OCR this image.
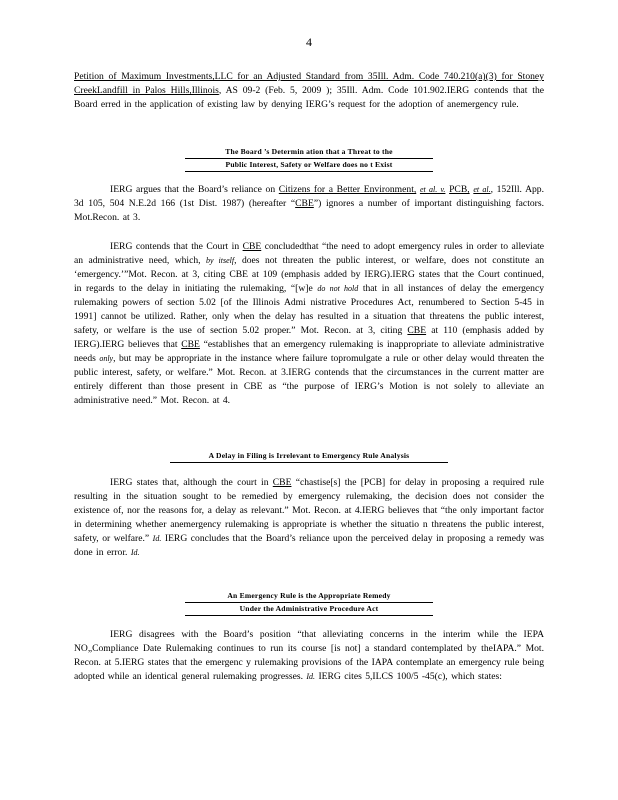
4

Petition of Maximum Investments,LLC for an Adjusted Standard from 35Ill. Adm. Code 740.210(a)(3) for Stoney CreekLandfill in Palos Hills,Illinois, AS 09-2 (Feb. 5, 2009 ); 35Ill. Adm. Code 101.902.IERG contends that the Board erred in the application of existing law by denying IERG’s request for the adoption of anemergency rule.

The Board ’s Determin ation that a Threat to the
Public Interest, Safety or Welfare does no t Exist

IERG argues that the Board’s reliance on Citizens for a Better Environment, et al. v. PCB, et al., 152Ill. App. 3d 105, 504 N.E.2d 166 (1st Dist. 1987) (hereafter “CBE”) ignores a number of important distinguishing factors. Mot.Recon. at 3.

IERG contends that the Court in CBE concludedthat “the need to adopt emergency rules in order to alleviate an administrative need, which, by itself, does not threaten the public interest, or welfare, does not constitute an ‘emergency.’”Mot. Recon. at 3, citing CBE at 109 (emphasis added by IERG).IERG states that the Court continued, in regards to the delay in initiating the rulemaking, “[w]e do not hold that in all instances of delay the emergency rulemaking powers of section 5.02 [of the Illinois Admi nistrative Procedures Act, renumbered to Section 5-45 in 1991] cannot be utilized. Rather, only when the delay has resulted in a situation that threatens the public interest, safety, or welfare is the use of section 5.02 proper.” Mot. Recon. at 3, citing CBE at 110 (emphasis added by IERG).IERG believes that CBE “establishes that an emergency rulemaking is inappropriate to alleviate administrative needs only, but may be appropriate in the instance where failure topromulgate a rule or other delay would threaten the public interest, safety, or welfare.” Mot. Recon. at 3.IERG contends that the circumstances in the current matter are entirely different than those present in CBE as “the purpose of IERG’s Motion is not solely to alleviate an administrative need.” Mot. Recon. at 4.

A Delay in Filing is Irrelevant to Emergency Rule Analysis

IERG states that, although the court in CBE “chastise[s] the [PCB] for delay in proposing a required rule resulting in the situation sought to be remedied by emergency rulemaking, the decision does not consider the existence of, nor the reasons for, a delay as relevant.” Mot. Recon. at 4.IERG believes that “the only important factor in determining whether anemergency rulemaking is appropriate is whether the situatio n threatens the public interest, safety, or welfare.” Id. IERG concludes that the Board’s reliance upon the perceived delay in proposing a remedy was done in error. Id.

An Emergency Rule is the Appropriate Remedy
Under the Administrative Procedure Act

IERG disagrees with the Board’s position “that alleviating concerns in the interim while the IEPA NO„Compliance Date Rulemaking continues to run its course [is not] a standard contemplated by theIAPA.” Mot. Recon. at 5.IERG states that the emergenc y rulemaking provisions of the IAPA contemplate an emergency rule being adopted while an identical general rulemaking progresses. Id. IERG cites 5,ILCS 100/5 -45(c), which states:
